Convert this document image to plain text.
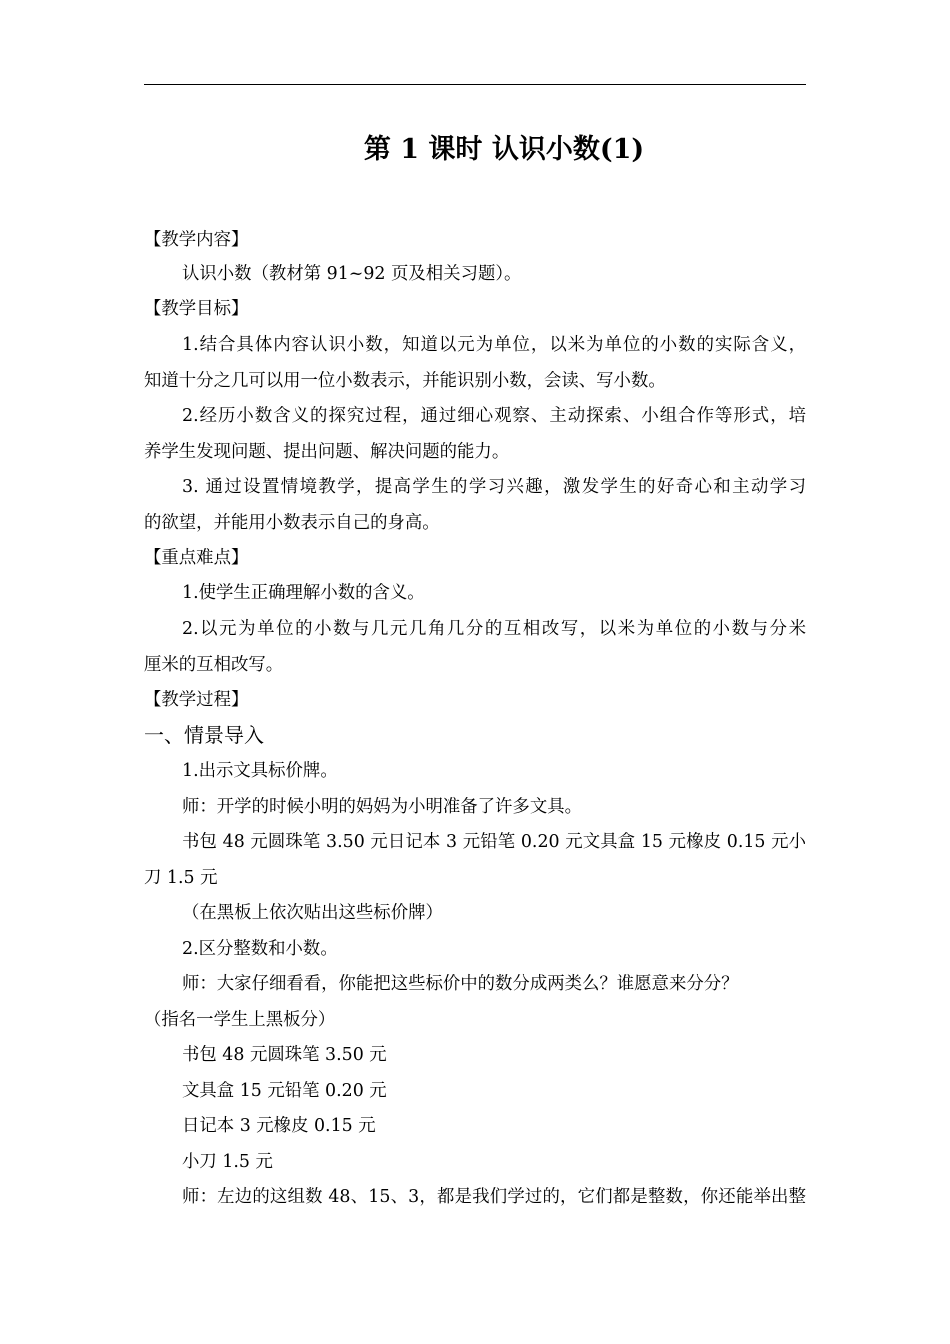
第 1 课时 认识小数(1)
【教学内容】
认识小数（教材第 91~92 页及相关习题）。
【教学目标】
1.结合具体内容认识小数，知道以元为单位，以米为单位的小数的实际含义，
知道十分之几可以用一位小数表示，并能识别小数，会读、写小数。
2.经历小数含义的探究过程，通过细心观察、主动探索、小组合作等形式，培
养学生发现问题、提出问题、解决问题的能力。
3. 通过设置情境教学，提高学生的学习兴趣，激发学生的好奇心和主动学习
的欲望，并能用小数表示自己的身高。
【重点难点】
1.使学生正确理解小数的含义。
2.以元为单位的小数与几元几角几分的互相改写，以米为单位的小数与分米
厘米的互相改写。
【教学过程】
一、情景导入
1.出示文具标价牌。
师：开学的时候小明的妈妈为小明准备了许多文具。
书包 48 元圆珠笔 3.50 元日记本 3 元铅笔 0.20 元文具盒 15 元橡皮 0.15 元小
刀 1.5 元
（在黑板上依次贴出这些标价牌）
2.区分整数和小数。
师：大家仔细看看，你能把这些标价中的数分成两类么？谁愿意来分分？
（指名一学生上黑板分）
书包 48 元圆珠笔 3.50 元
文具盒 15 元铅笔 0.20 元
日记本 3 元橡皮 0.15 元
小刀 1.5 元
师：左边的这组数 48、15、3，都是我们学过的，它们都是整数，你还能举出整
